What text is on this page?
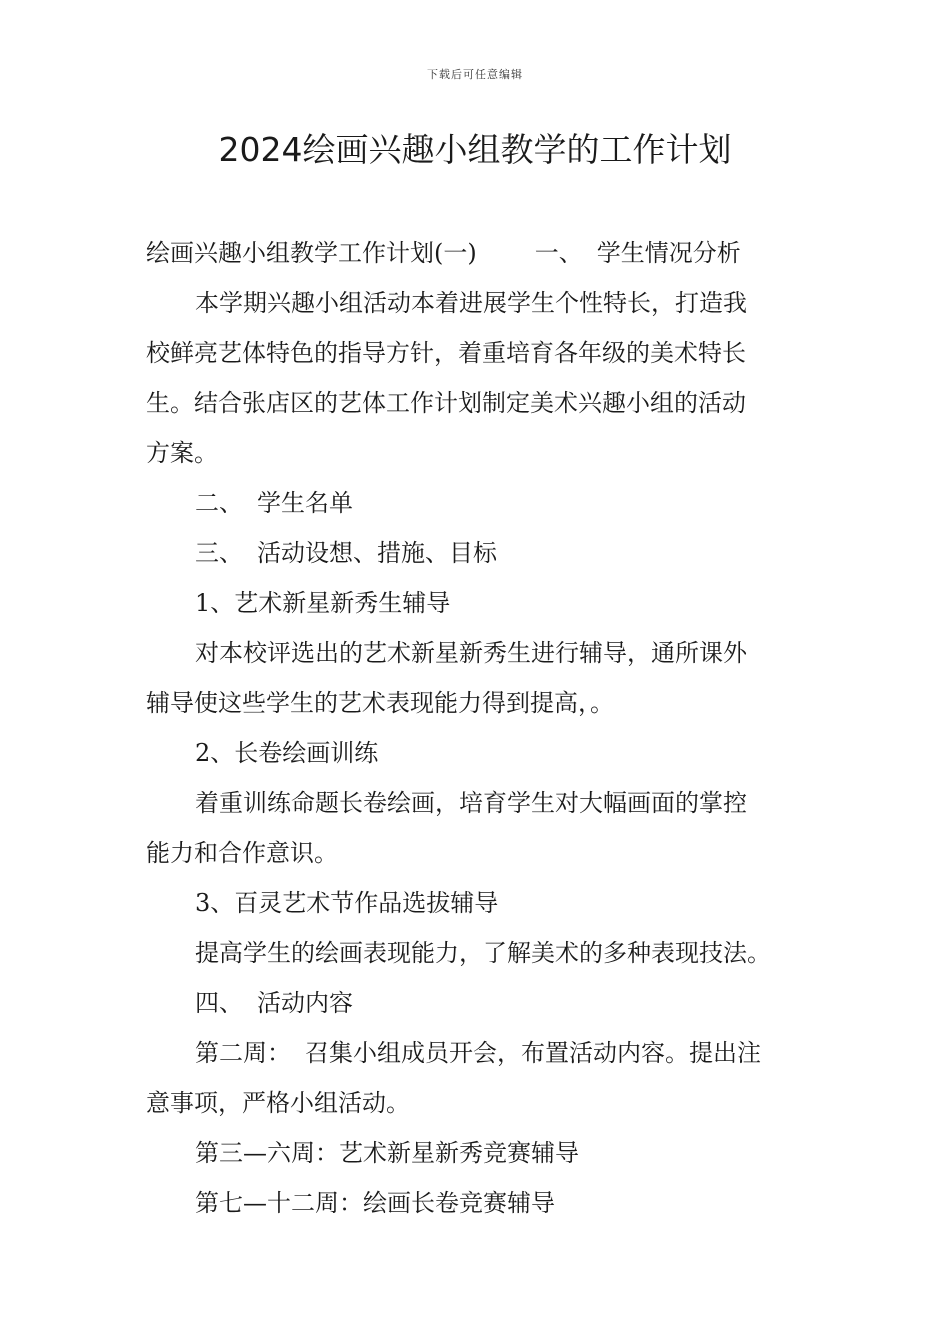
下载后可任意编辑
2024绘画兴趣小组教学的工作计划

绘画兴趣小组教学工作计划(一) 一、 学生情况分析

本学期兴趣小组活动本着进展学生个性特长，打造我

校鲜亮艺体特色的指导方针，着重培育各年级的美术特长

生。结合张店区的艺体工作计划制定美术兴趣小组的活动

方案。

二、 学生名单

三、 活动设想、措施、目标

1、艺术新星新秀生辅导

对本校评选出的艺术新星新秀生进行辅导，通所课外

辅导使这些学生的艺术表现能力得到提高，。

2、长卷绘画训练

着重训练命题长卷绘画，培育学生对大幅画面的掌控

能力和合作意识。

3、百灵艺术节作品选拔辅导

提高学生的绘画表现能力，了解美术的多种表现技法。

四、 活动内容

第二周： 召集小组成员开会，布置活动内容。提出注

意事项，严格小组活动。

第三—六周：艺术新星新秀竞赛辅导

第七—十二周：绘画长卷竞赛辅导
